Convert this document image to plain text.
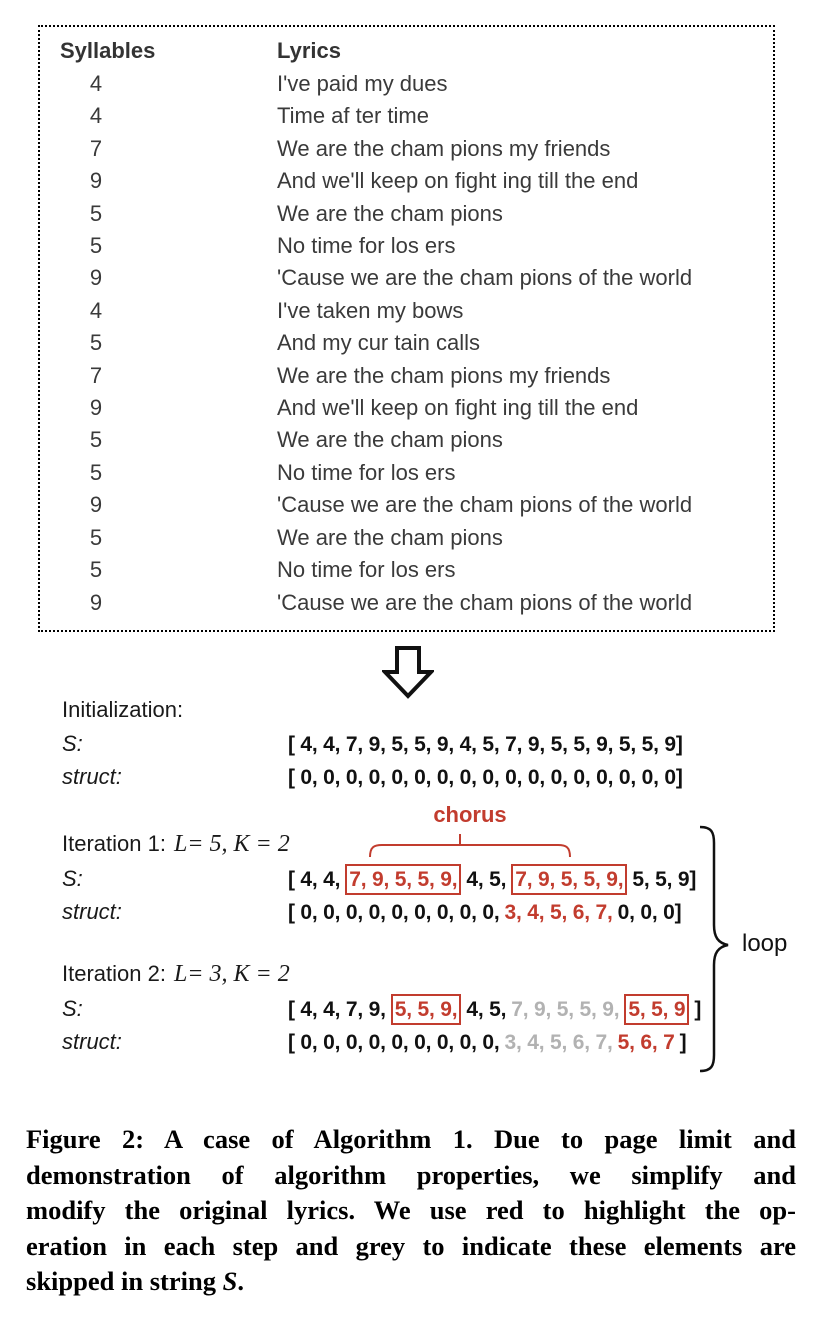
Syllables	Lyrics
4	I've paid my dues
4	Time af ter time
7	We are the cham pions my friends
9	And we'll keep on fight ing till the end
5	We are the cham pions
5	No time for los ers
9	'Cause we are the cham pions of the world
4	I've taken my bows
5	And my cur tain calls
7	We are the cham pions my friends
9	And we'll keep on fight ing till the end
5	We are the cham pions
5	No time for los ers
9	'Cause we are the cham pions of the world
5	We are the cham pions
5	No time for los ers
9	'Cause we are the cham pions of the world
Initialization:
S:	[ 4, 4, 7, 9, 5, 5, 9, 4, 5, 7, 9, 5, 5, 9, 5, 5, 9]
struct:	[ 0, 0, 0, 0, 0, 0, 0, 0, 0, 0, 0, 0, 0, 0, 0, 0, 0]
chorus
Iteration 1: L= 5, K = 2
S:	[ 4, 4, 7, 9, 5, 5, 9, 4, 5, 7, 9, 5, 5, 9, 5, 5, 9]
struct:	[ 0, 0, 0, 0, 0, 0, 0, 0, 0, 3, 4, 5, 6, 7, 0, 0, 0]
Iteration 2: L= 3, K = 2
S:	[ 4, 4, 7, 9, 5, 5, 9, 4, 5, 7, 9, 5, 5, 9, 5, 5, 9 ]
struct:	[ 0, 0, 0, 0, 0, 0, 0, 0, 0, 3, 4, 5, 6, 7, 5, 6, 7 ]
loop
Figure 2: A case of Algorithm 1. Due to page limit and
demonstration of algorithm properties, we simplify and
modify the original lyrics. We use red to highlight the op-
eration in each step and grey to indicate these elements are
skipped in string S.
